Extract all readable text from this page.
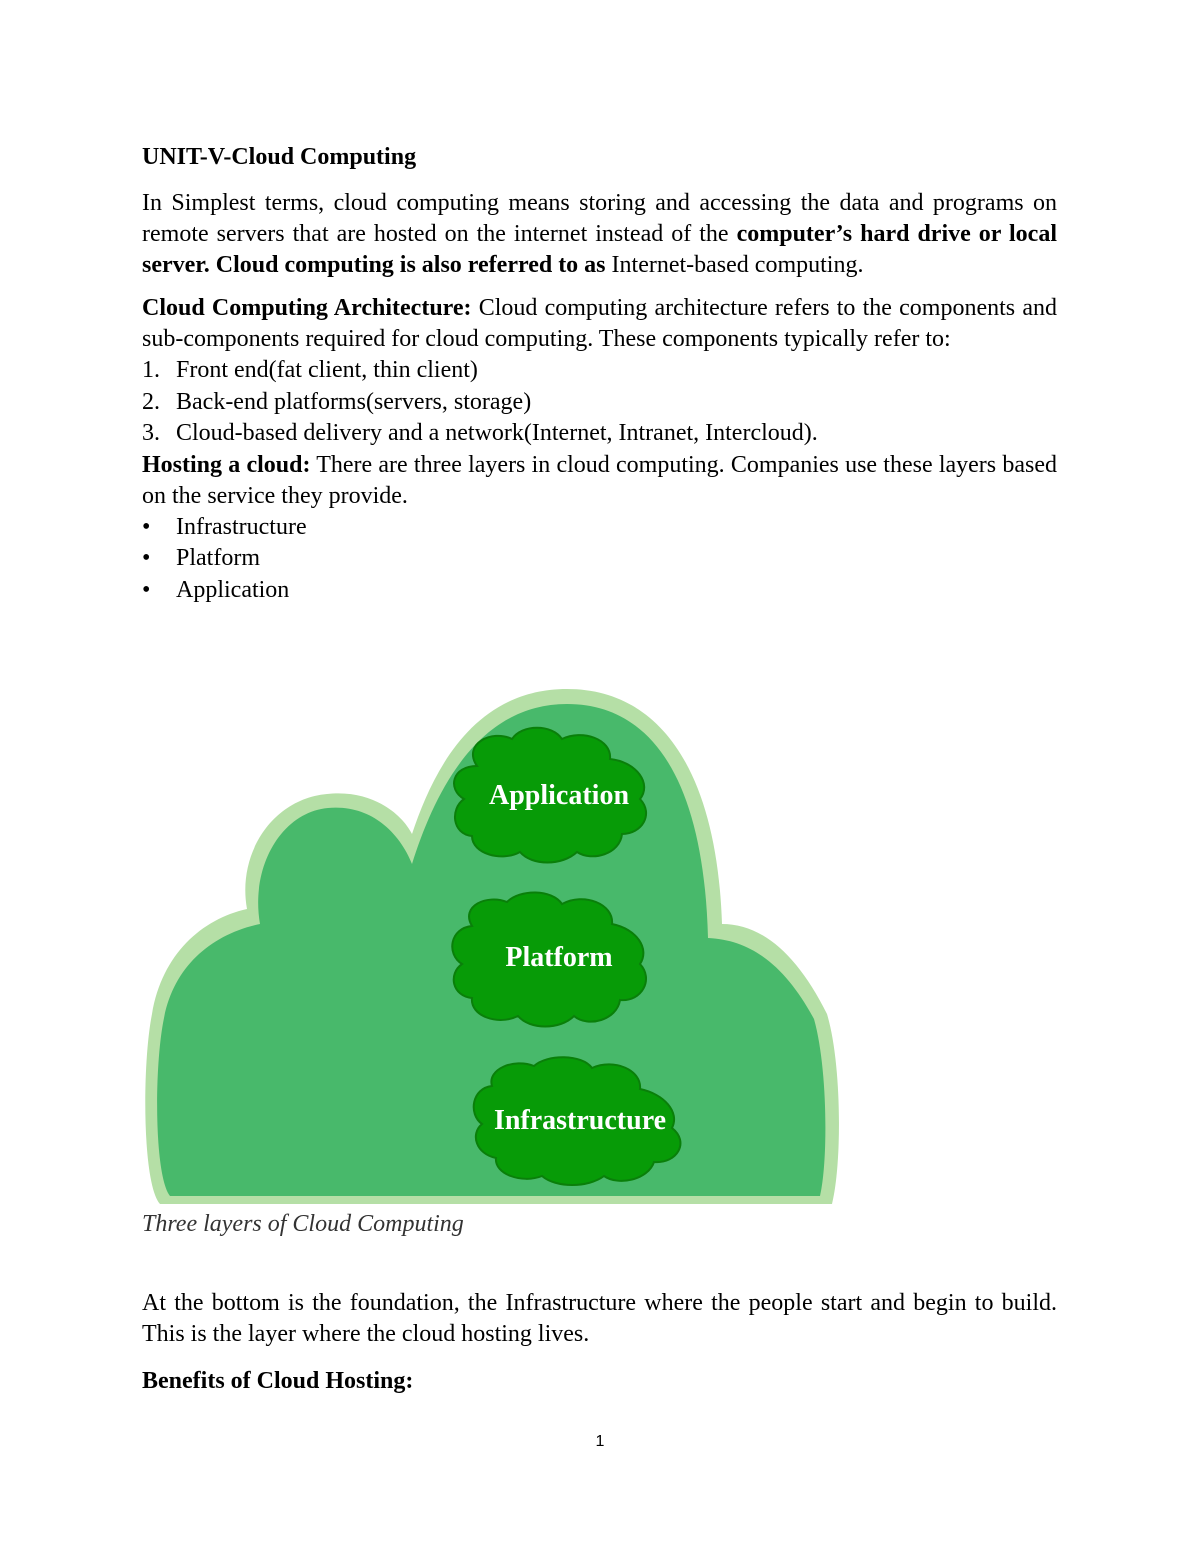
UNIT-V-Cloud Computing

In Simplest terms, cloud computing means storing and accessing the data and programs on remote servers that are hosted on the internet instead of the computer’s hard drive or local server. Cloud computing is also referred to as Internet-based computing.

Cloud Computing Architecture: Cloud computing architecture refers to the components and sub-components required for cloud computing. These components typically refer to:

1. Front end(fat client, thin client)
2. Back-end platforms(servers, storage)
3. Cloud-based delivery and a network(Internet, Intranet, Intercloud).

Hosting a cloud: There are three layers in cloud computing. Companies use these layers based on the service they provide.

•	Infrastructure
•	Platform
•	Application
Application
Platform
Infrastructure
Three layers of Cloud Computing

At the bottom is the foundation, the Infrastructure where the people start and begin to build. This is the layer where the cloud hosting lives.

Benefits of Cloud Hosting:
1
